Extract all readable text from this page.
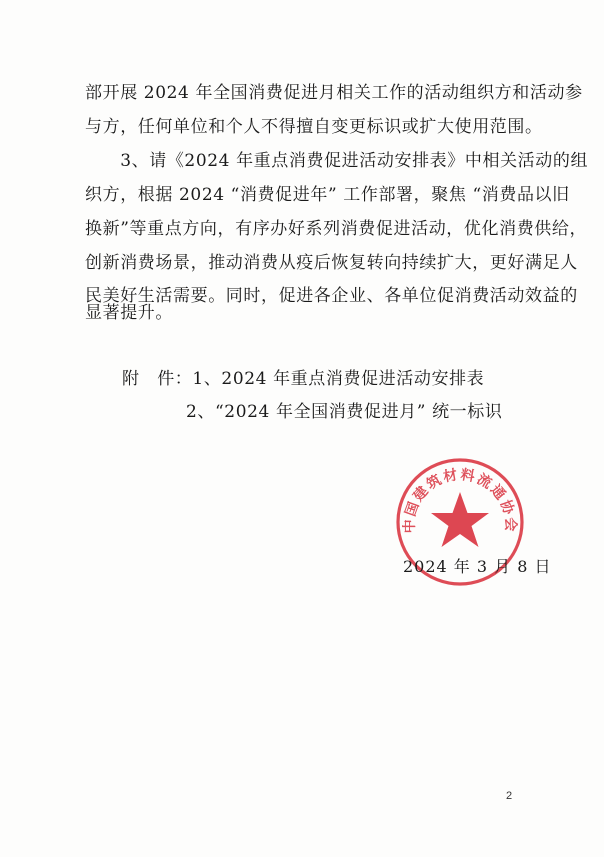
部开展 2024 年全国消费促进月相关工作的活动组织方和活动参
与方，任何单位和个人不得擅自变更标识或扩大使用范围。
　　3、请《2024 年重点消费促进活动安排表》中相关活动的组
织方，根据 2024 “消费促进年” 工作部署，聚焦 “消费品以旧
换新”等重点方向，有序办好系列消费促进活动，优化消费供给，
创新消费场景，推动消费从疫后恢复转向持续扩大，更好满足人
民美好生活需要。同时，促进各企业、各单位促消费活动效益的
显著提升。
附　件：1、2024 年重点消费促进活动安排表
2、“2024 年全国消费促进月” 统一标识
中国建筑材料流通协会
2024 年 3 月 8 日
2
